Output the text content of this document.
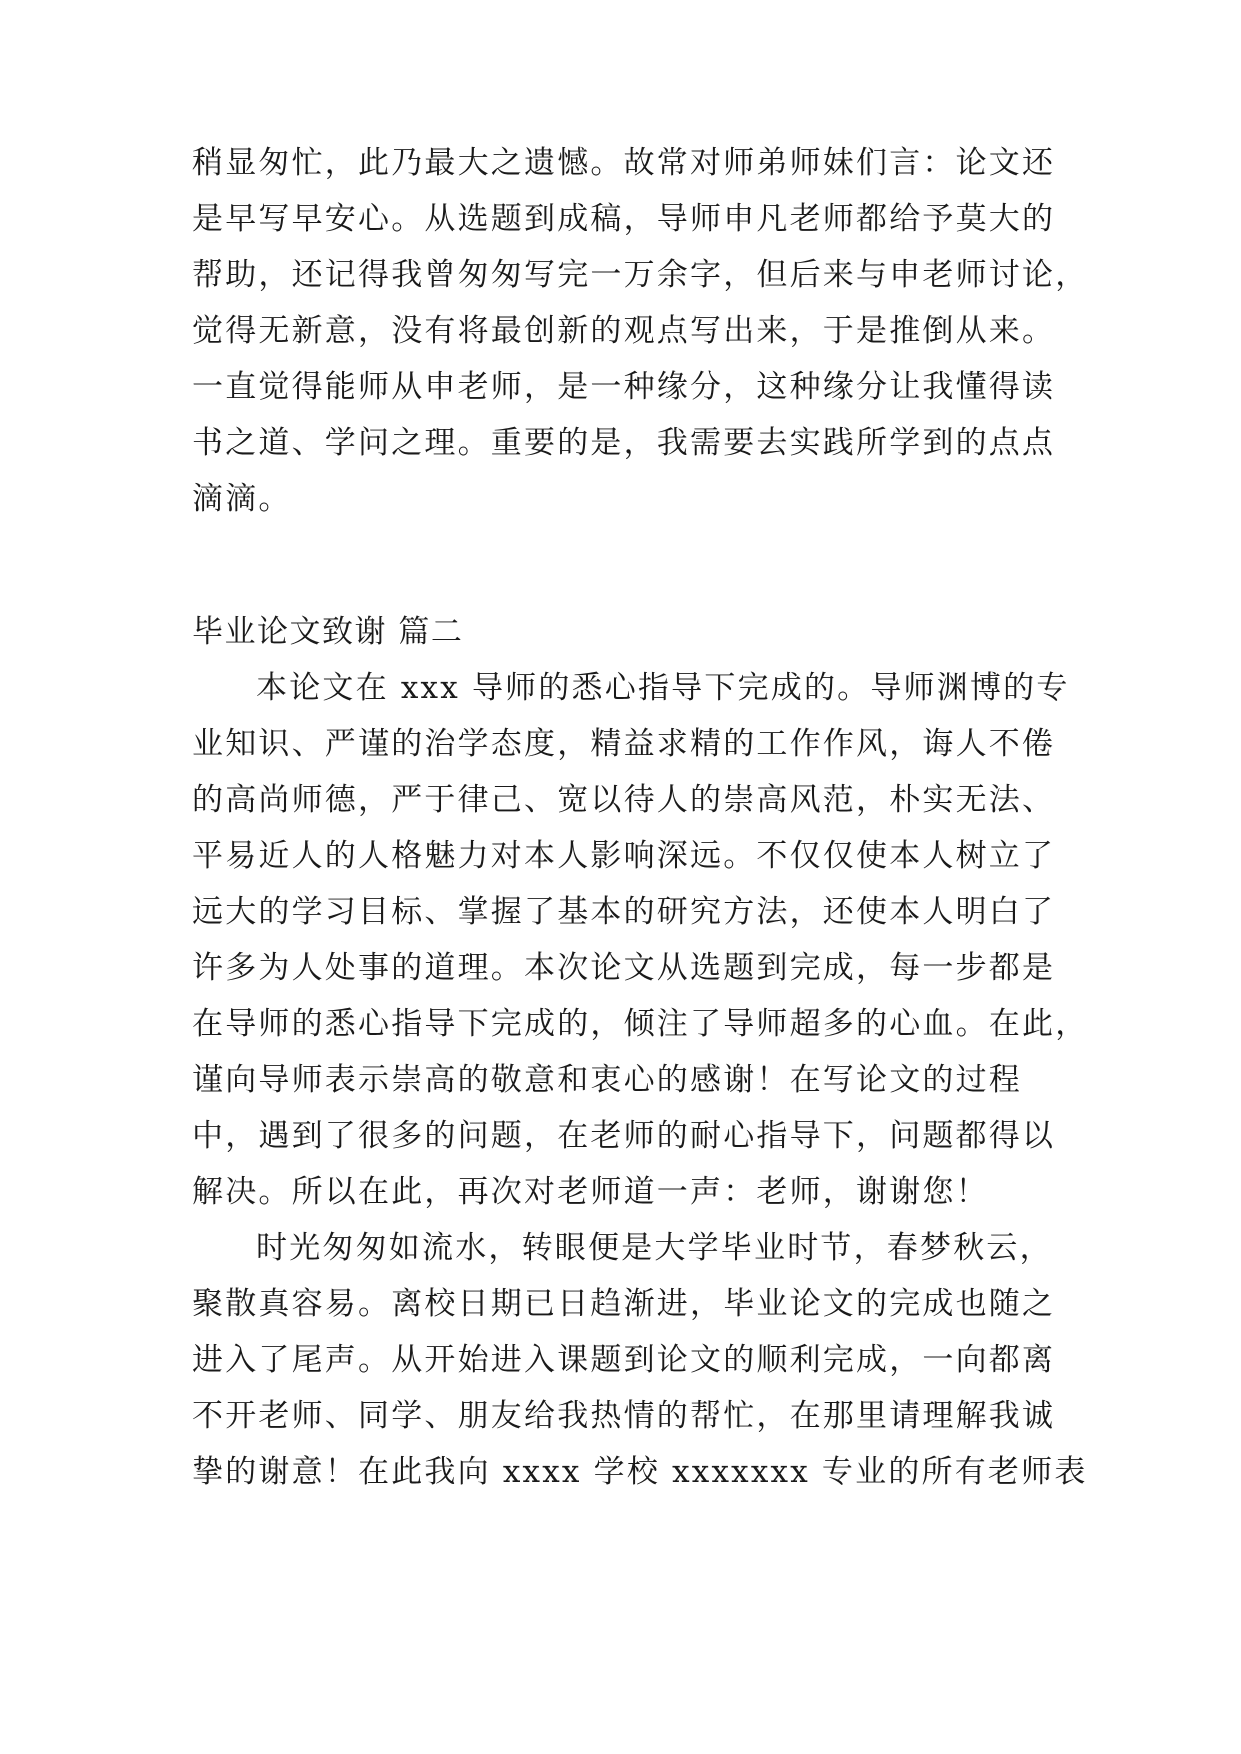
稍显匆忙，此乃最大之遗憾。故常对师弟师妹们言：论文还
是早写早安心。从选题到成稿，导师申凡老师都给予莫大的
帮助，还记得我曾匆匆写完一万余字，但后来与申老师讨论，
觉得无新意，没有将最创新的观点写出来，于是推倒从来。
一直觉得能师从申老师，是一种缘分，这种缘分让我懂得读
书之道、学问之理。重要的是，我需要去实践所学到的点点
滴滴。
毕业论文致谢 篇二
本论文在 xxx 导师的悉心指导下完成的。导师渊博的专
业知识、严谨的治学态度，精益求精的工作作风，诲人不倦
的高尚师德，严于律己、宽以待人的崇高风范，朴实无法、
平易近人的人格魅力对本人影响深远。不仅仅使本人树立了
远大的学习目标、掌握了基本的研究方法，还使本人明白了
许多为人处事的道理。本次论文从选题到完成，每一步都是
在导师的悉心指导下完成的，倾注了导师超多的心血。在此，
谨向导师表示崇高的敬意和衷心的感谢！在写论文的过程
中，遇到了很多的问题，在老师的耐心指导下，问题都得以
解决。所以在此，再次对老师道一声：老师，谢谢您！
时光匆匆如流水，转眼便是大学毕业时节，春梦秋云，
聚散真容易。离校日期已日趋渐进，毕业论文的完成也随之
进入了尾声。从开始进入课题到论文的顺利完成，一向都离
不开老师、同学、朋友给我热情的帮忙，在那里请理解我诚
挚的谢意！在此我向 xxxx 学校 xxxxxxx 专业的所有老师表
